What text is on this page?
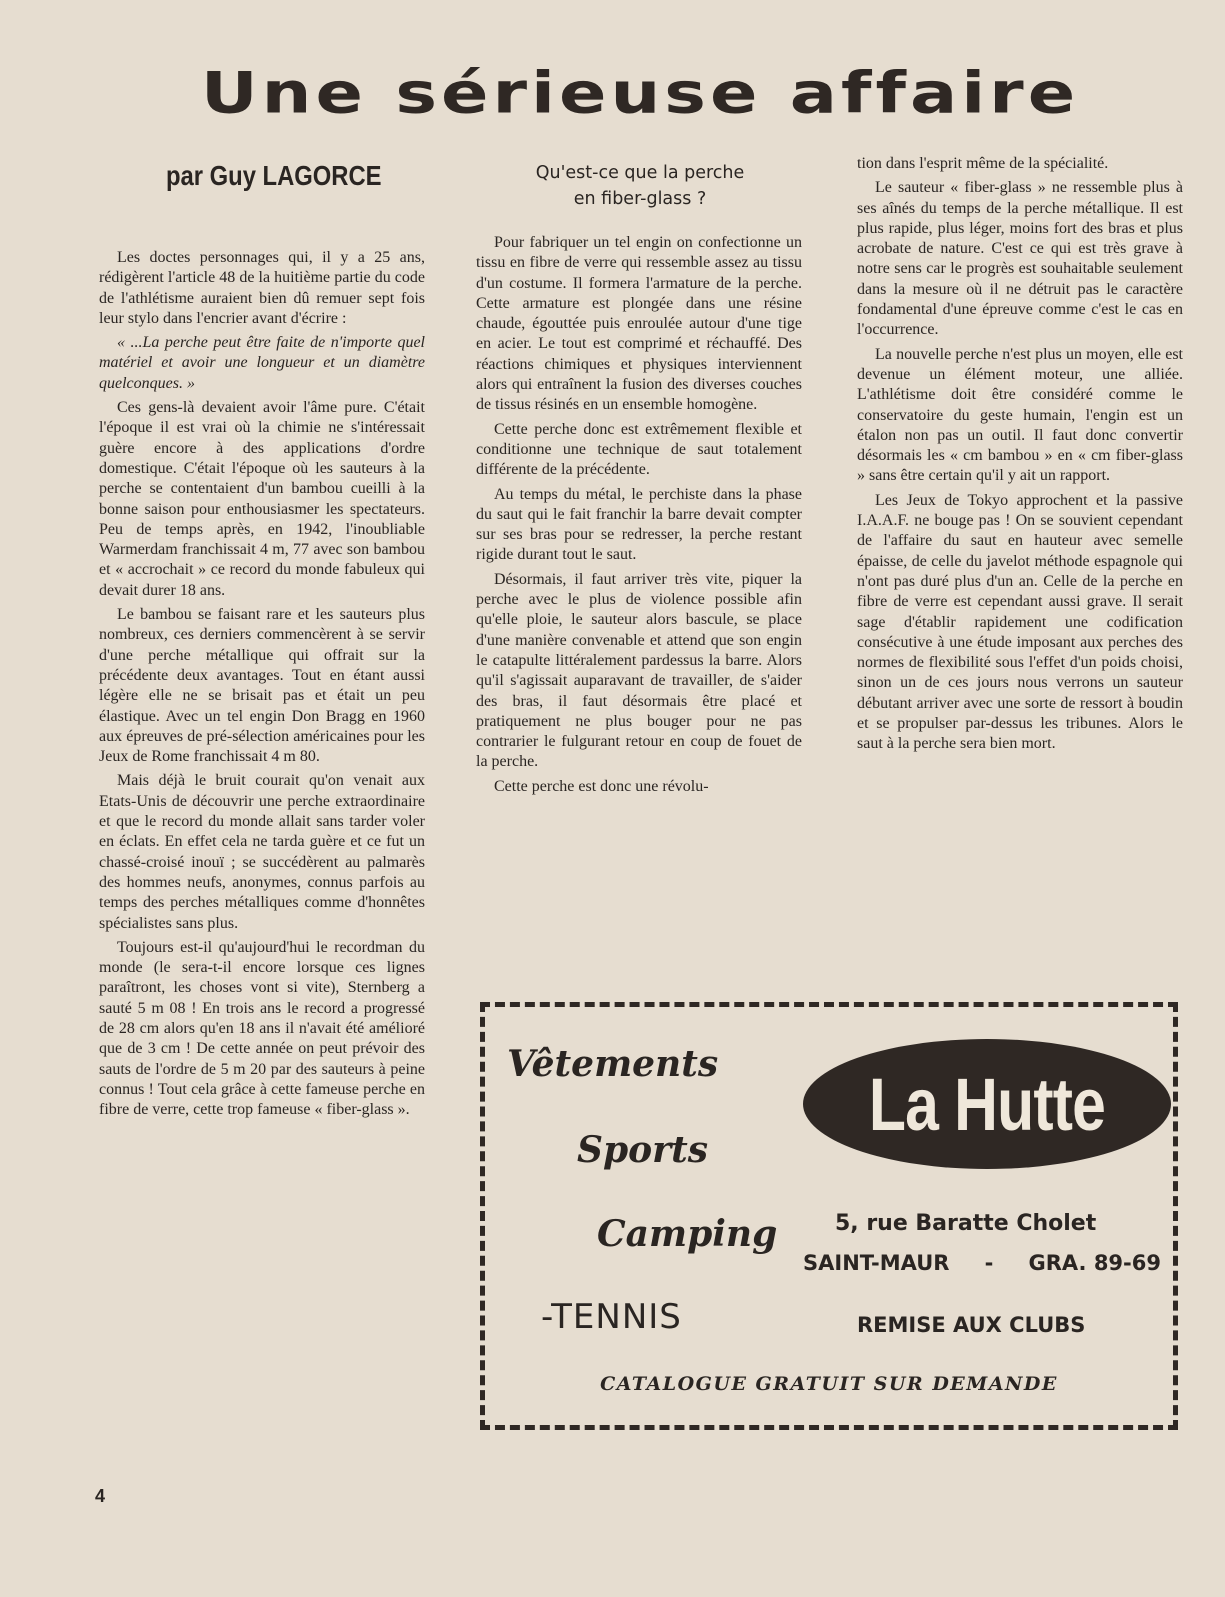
Une sérieuse affaire
par Guy LAGORCE

Les doctes personnages qui, il y a 25 ans, rédigèrent l'article 48 de la huitième partie du code de l'athlétisme auraient bien dû remuer sept fois leur stylo dans l'encrier avant d'écrire :

« ...La perche peut être faite de n'importe quel matériel et avoir une longueur et un diamètre quelconques. »

Ces gens-là devaient avoir l'âme pure. C'était l'époque il est vrai où la chimie ne s'intéressait guère encore à des applications d'ordre domestique. C'était l'époque où les sauteurs à la perche se contentaient d'un bambou cueilli à la bonne saison pour enthousiasmer les spectateurs. Peu de temps après, en 1942, l'inoubliable Warmerdam franchissait 4 m, 77 avec son bambou et « accrochait » ce record du monde fabuleux qui devait durer 18 ans.

Le bambou se faisant rare et les sauteurs plus nombreux, ces derniers commencèrent à se servir d'une perche métallique qui offrait sur la précédente deux avantages. Tout en étant aussi légère elle ne se brisait pas et était un peu élastique. Avec un tel engin Don Bragg en 1960 aux épreuves de pré-sélection américaines pour les Jeux de Rome franchissait 4 m 80.

Mais déjà le bruit courait qu'on venait aux Etats-Unis de découvrir une perche extraordinaire et que le record du monde allait sans tarder voler en éclats. En effet cela ne tarda guère et ce fut un chassé-croisé inouï ; se succédèrent au palmarès des hommes neufs, anonymes, connus parfois au temps des perches métalliques comme d'honnêtes spécialistes sans plus.

Toujours est-il qu'aujourd'hui le recordman du monde (le sera-t-il encore lorsque ces lignes paraîtront, les choses vont si vite), Sternberg a sauté 5 m 08 ! En trois ans le record a progressé de 28 cm alors qu'en 18 ans il n'avait été amélioré que de 3 cm ! De cette année on peut prévoir des sauts de l'ordre de 5 m 20 par des sauteurs à peine connus ! Tout cela grâce à cette fameuse perche en fibre de verre, cette trop fameuse « fiber-glass ».

Qu'est-ce que la perche
en fiber-glass ?

Pour fabriquer un tel engin on confectionne un tissu en fibre de verre qui ressemble assez au tissu d'un costume. Il formera l'armature de la perche. Cette armature est plongée dans une résine chaude, égouttée puis enroulée autour d'une tige en acier. Le tout est comprimé et réchauffé. Des réactions chimiques et physiques interviennent alors qui entraînent la fusion des diverses couches de tissus résinés en un ensemble homogène.

Cette perche donc est extrêmement flexible et conditionne une technique de saut totalement différente de la précédente.

Au temps du métal, le perchiste dans la phase du saut qui le fait franchir la barre devait compter sur ses bras pour se redresser, la perche restant rigide durant tout le saut.

Désormais, il faut arriver très vite, piquer la perche avec le plus de violence possible afin qu'elle ploie, le sauteur alors bascule, se place d'une manière convenable et attend que son engin le catapulte littéralement pardessus la barre. Alors qu'il s'agissait auparavant de travailler, de s'aider des bras, il faut désormais être placé et pratiquement ne plus bouger pour ne pas contrarier le fulgurant retour en coup de fouet de la perche.

Cette perche est donc une révolu-

tion dans l'esprit même de la spécialité.

Le sauteur « fiber-glass » ne ressemble plus à ses aînés du temps de la perche métallique. Il est plus rapide, plus léger, moins fort des bras et plus acrobate de nature. C'est ce qui est très grave à notre sens car le progrès est souhaitable seulement dans la mesure où il ne détruit pas le caractère fondamental d'une épreuve comme c'est le cas en l'occurrence.

La nouvelle perche n'est plus un moyen, elle est devenue un élément moteur, une alliée. L'athlétisme doit être considéré comme le conservatoire du geste humain, l'engin est un étalon non pas un outil. Il faut donc convertir désormais les « cm bambou » en « cm fiber-glass » sans être certain qu'il y ait un rapport.

Les Jeux de Tokyo approchent et la passive I.A.A.F. ne bouge pas ! On se souvient cependant de l'affaire du saut en hauteur avec semelle épaisse, de celle du javelot méthode espagnole qui n'ont pas duré plus d'un an. Celle de la perche en fibre de verre est cependant aussi grave. Il serait sage d'établir rapidement une codification consécutive à une étude imposant aux perches des normes de flexibilité sous l'effet d'un poids choisi, sinon un de ces jours nous verrons un sauteur débutant arriver avec une sorte de ressort à boudin et se propulser par-dessus les tribunes. Alors le saut à la perche sera bien mort.

Vêtements
Sports
Camping
-TENNIS
La Hutte
5, rue Baratte Cholet
SAINT-MAUR - GRA. 89-69
REMISE AUX CLUBS
CATALOGUE GRATUIT SUR DEMANDE
4
